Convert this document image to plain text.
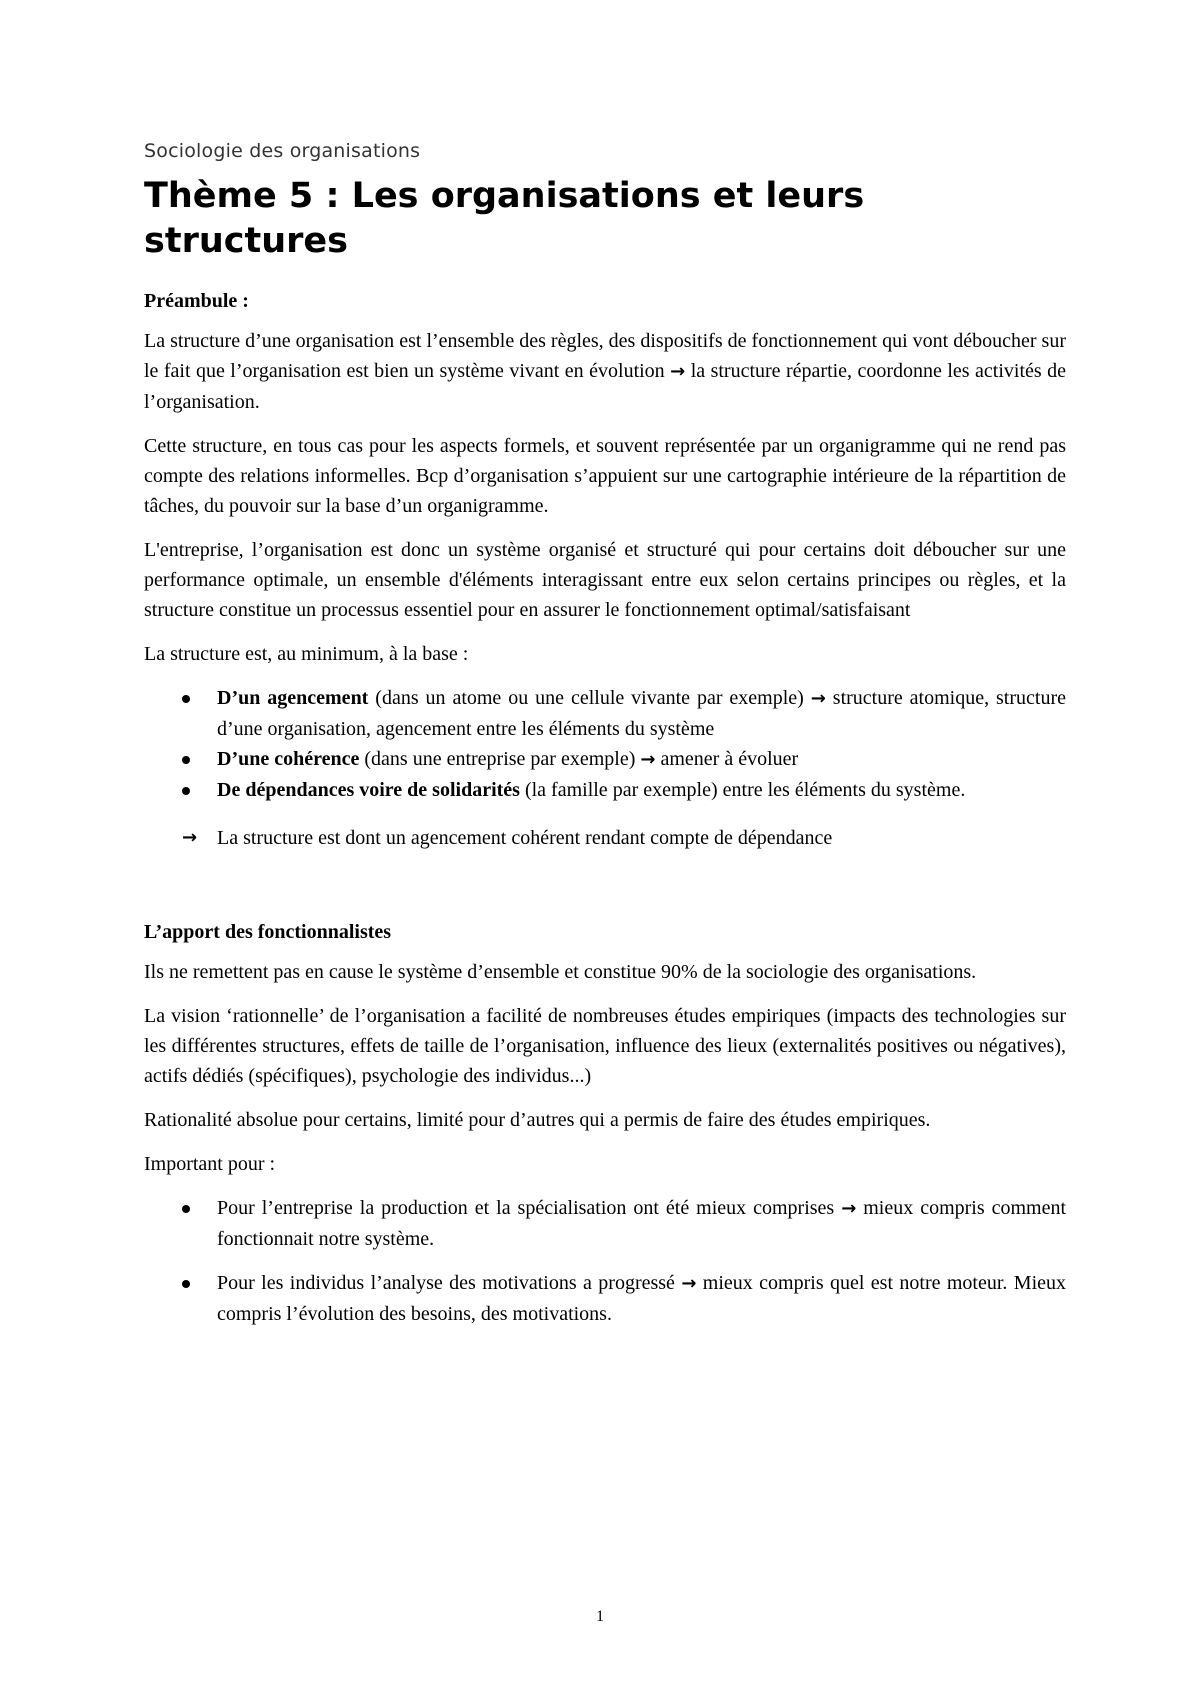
Sociologie des organisations
Thème 5 : Les organisations et leurs structures
Préambule :

La structure d’une organisation est l’ensemble des règles, des dispositifs de fonctionnement qui vont déboucher sur le fait que l’organisation est bien un système vivant en évolution → la structure répartie, coordonne les activités de l’organisation.

Cette structure, en tous cas pour les aspects formels, et souvent représentée par un organigramme qui ne rend pas compte des relations informelles. Bcp d’organisation s’appuient sur une cartographie intérieure de la répartition de tâches, du pouvoir sur la base d’un organigramme.

L'entreprise, l’organisation est donc un système organisé et structuré qui pour certains doit déboucher sur une performance optimale, un ensemble d'éléments interagissant entre eux selon certains principes ou règles, et la structure constitue un processus essentiel pour en assurer le fonctionnement optimal/satisfaisant

La structure est, au minimum, à la base :

D’un agencement (dans un atome ou une cellule vivante par exemple) → structure atomique, structure d’une organisation, agencement entre les éléments du système
D’une cohérence (dans une entreprise par exemple) → amener à évoluer
De dépendances voire de solidarités (la famille par exemple) entre les éléments du système.
→ La structure est dont un agencement cohérent rendant compte de dépendance
L’apport des fonctionnalistes

Ils ne remettent pas en cause le système d’ensemble et constitue 90% de la sociologie des organisations.

La vision ‘rationnelle’ de l’organisation a facilité de nombreuses études empiriques (impacts des technologies sur les différentes structures, effets de taille de l’organisation, influence des lieux (externalités positives ou négatives), actifs dédiés (spécifiques), psychologie des individus...)

Rationalité absolue pour certains, limité pour d’autres qui a permis de faire des études empiriques.

Important pour :

Pour l’entreprise la production et la spécialisation ont été mieux comprises → mieux compris comment fonctionnait notre système.
Pour les individus l’analyse des motivations a progressé → mieux compris quel est notre moteur. Mieux compris l’évolution des besoins, des motivations.
1
